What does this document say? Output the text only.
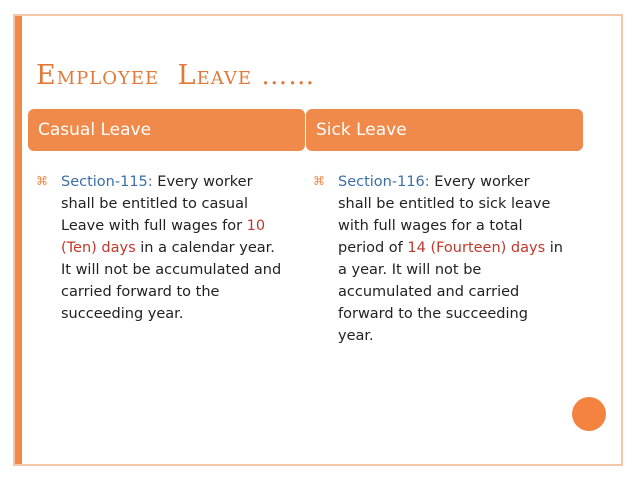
Employee Leave ……
Casual Leave	Sick Leave
⌘ Section-115: Every worker shall be entitled to casual Leave with full wages for 10 (Ten) days in a calendar year. It will not be accumulated and carried forward to the succeeding year.
⌘ Section-116: Every worker shall be entitled to sick leave with full wages for a total period of 14 (Fourteen) days in a year. It will not be accumulated and carried forward to the succeeding year.
